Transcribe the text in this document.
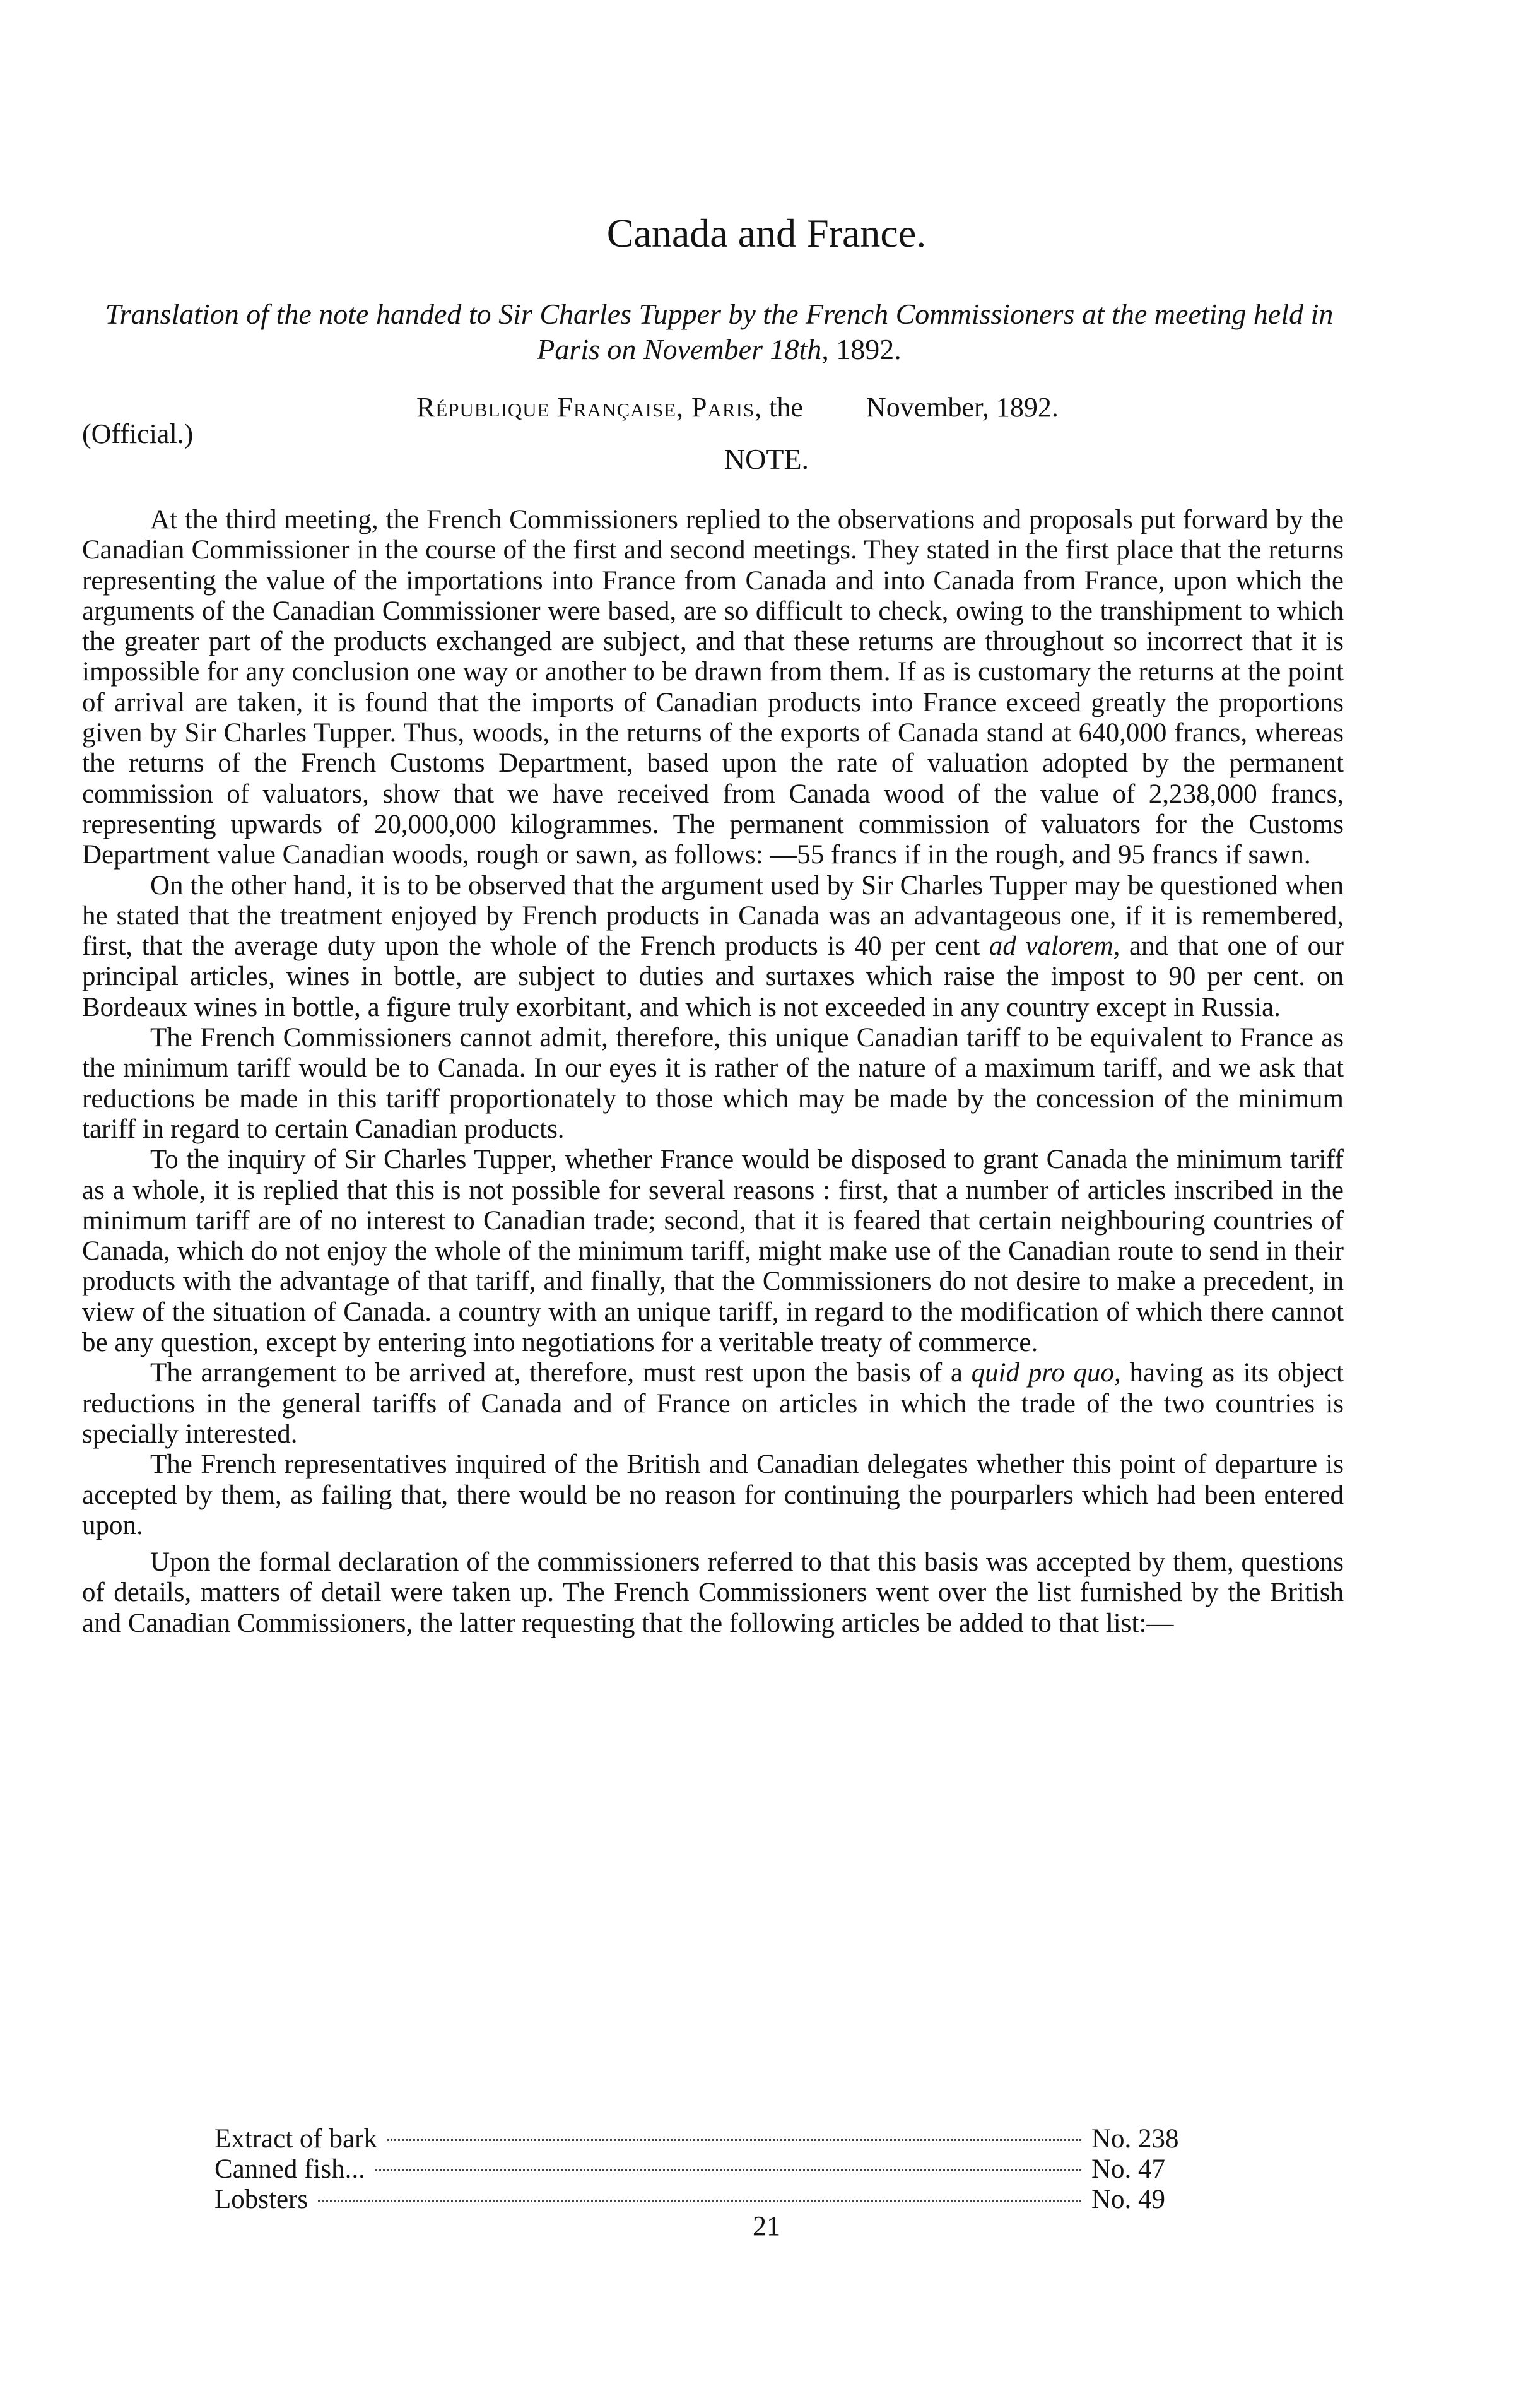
Canada and France.
Translation of the note handed to Sir Charles Tupper by the French Commissioners at the meeting held in Paris on November 18th, 1892.
République Française, Paris, the November, 1892.
(Official.)
NOTE.

At the third meeting, the French Commissioners replied to the observations and proposals put forward by the Canadian Commissioner in the course of the first and second meetings. They stated in the first place that the returns representing the value of the importations into France from Canada and into Canada from France, upon which the arguments of the Canadian Commissioner were based, are so difficult to check, owing to the transhipment to which the greater part of the products exchanged are subject, and that these returns are throughout so incorrect that it is impossible for any conclusion one way or another to be drawn from them. If as is customary the returns at the point of arrival are taken, it is found that the imports of Canadian products into France exceed greatly the proportions given by Sir Charles Tupper. Thus, woods, in the returns of the exports of Canada stand at 640,000 francs, whereas the returns of the French Customs Department, based upon the rate of valuation adopted by the permanent commission of valuators, show that we have received from Canada wood of the value of 2,238,000 francs, representing upwards of 20,000,000 kilogrammes. The permanent commission of valuators for the Customs Department value Canadian woods, rough or sawn, as follows: —55 francs if in the rough, and 95 francs if sawn.

On the other hand, it is to be observed that the argument used by Sir Charles Tupper may be questioned when he stated that the treatment enjoyed by French products in Canada was an advantageous one, if it is remembered, first, that the average duty upon the whole of the French products is 40 per cent ad valorem, and that one of our principal articles, wines in bottle, are subject to duties and surtaxes which raise the impost to 90 per cent. on Bordeaux wines in bottle, a figure truly exorbitant, and which is not exceeded in any country except in Russia.

The French Commissioners cannot admit, therefore, this unique Canadian tariff to be equivalent to France as the minimum tariff would be to Canada. In our eyes it is rather of the nature of a maximum tariff, and we ask that reductions be made in this tariff proportionately to those which may be made by the concession of the minimum tariff in regard to certain Canadian products.

To the inquiry of Sir Charles Tupper, whether France would be disposed to grant Canada the minimum tariff as a whole, it is replied that this is not possible for several reasons : first, that a number of articles inscribed in the minimum tariff are of no interest to Canadian trade; second, that it is feared that certain neighbouring countries of Canada, which do not enjoy the whole of the minimum tariff, might make use of the Canadian route to send in their products with the advantage of that tariff, and finally, that the Commissioners do not desire to make a precedent, in view of the situation of Canada. a country with an unique tariff, in regard to the modification of which there cannot be any question, except by entering into negotiations for a veritable treaty of commerce.

The arrangement to be arrived at, therefore, must rest upon the basis of a quid pro quo, having as its object reductions in the general tariffs of Canada and of France on articles in which the trade of the two countries is specially interested.

The French representatives inquired of the British and Canadian delegates whether this point of departure is accepted by them, as failing that, there would be no reason for continuing the pourparlers which had been entered upon.

Upon the formal declaration of the commissioners referred to that this basis was accepted by them, questions of details, matters of detail were taken up. The French Commissioners went over the list furnished by the British and Canadian Commissioners, the latter requesting that the following articles be added to that list:—

Extract of bark	No. 238
Canned fish...	No. 47
Lobsters	No. 49
21
